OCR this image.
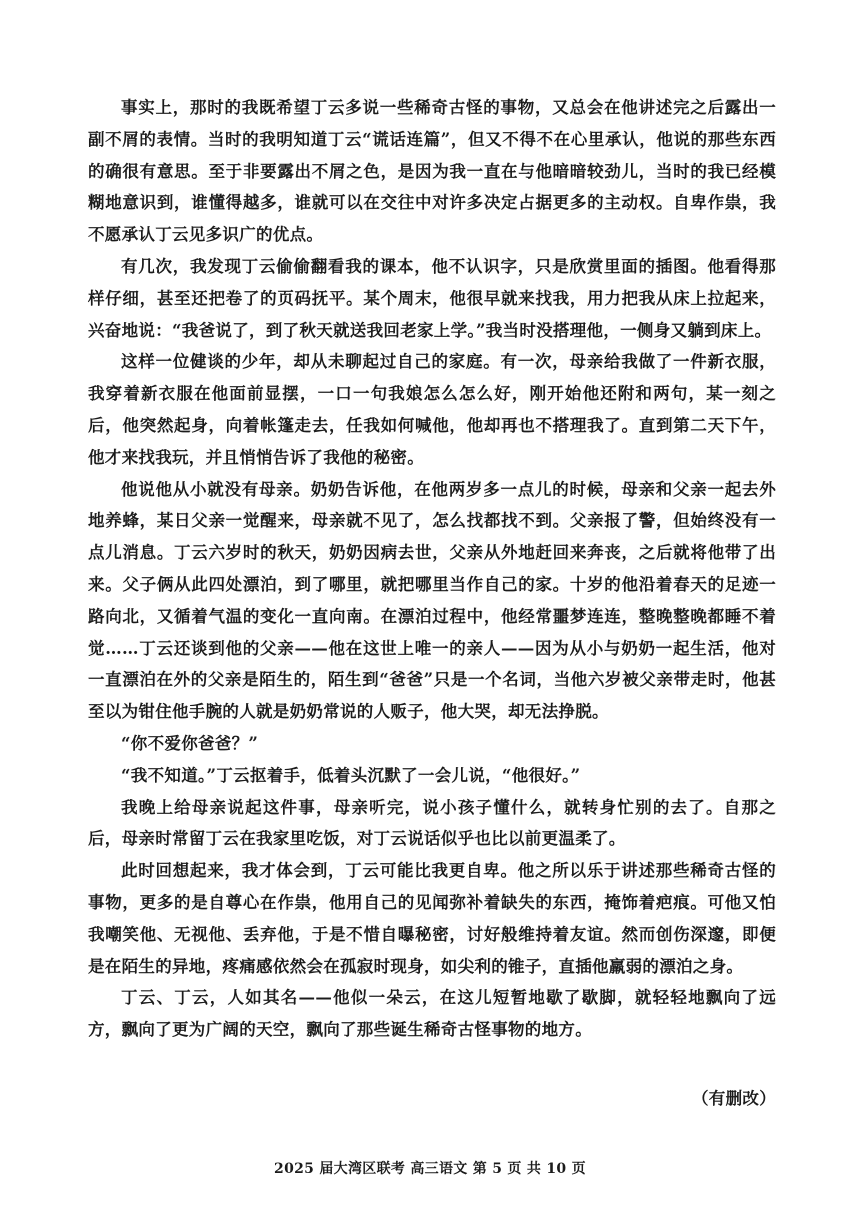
事实上，那时的我既希望丁云多说一些稀奇古怪的事物，又总会在他讲述完之后露出一副不屑的表情。当时的我明知道丁云“谎话连篇”，但又不得不在心里承认，他说的那些东西的确很有意思。至于非要露出不屑之色，是因为我一直在与他暗暗较劲儿，当时的我已经模糊地意识到，谁懂得越多，谁就可以在交往中对许多决定占据更多的主动权。自卑作祟，我不愿承认丁云见多识广的优点。

有几次，我发现丁云偷偷翻看我的课本，他不认识字，只是欣赏里面的插图。他看得那样仔细，甚至还把卷了的页码抚平。某个周末，他很早就来找我，用力把我从床上拉起来，兴奋地说：“我爸说了，到了秋天就送我回老家上学。”我当时没搭理他，一侧身又躺到床上。

这样一位健谈的少年，却从未聊起过自己的家庭。有一次，母亲给我做了一件新衣服，我穿着新衣服在他面前显摆，一口一句我娘怎么怎么好，刚开始他还附和两句，某一刻之后，他突然起身，向着帐篷走去，任我如何喊他，他却再也不搭理我了。直到第二天下午，他才来找我玩，并且悄悄告诉了我他的秘密。

他说他从小就没有母亲。奶奶告诉他，在他两岁多一点儿的时候，母亲和父亲一起去外地养蜂，某日父亲一觉醒来，母亲就不见了，怎么找都找不到。父亲报了警，但始终没有一点儿消息。丁云六岁时的秋天，奶奶因病去世，父亲从外地赶回来奔丧，之后就将他带了出来。父子俩从此四处漂泊，到了哪里，就把哪里当作自己的家。十岁的他沿着春天的足迹一路向北，又循着气温的变化一直向南。在漂泊过程中，他经常噩梦连连，整晚整晚都睡不着觉……丁云还谈到他的父亲——他在这世上唯一的亲人——因为从小与奶奶一起生活，他对一直漂泊在外的父亲是陌生的，陌生到“爸爸”只是一个名词，当他六岁被父亲带走时，他甚至以为钳住他手腕的人就是奶奶常说的人贩子，他大哭，却无法挣脱。

“你不爱你爸爸？”

“我不知道。”丁云抠着手，低着头沉默了一会儿说，“他很好。”

我晚上给母亲说起这件事，母亲听完，说小孩子懂什么，就转身忙别的去了。自那之后，母亲时常留丁云在我家里吃饭，对丁云说话似乎也比以前更温柔了。

此时回想起来，我才体会到，丁云可能比我更自卑。他之所以乐于讲述那些稀奇古怪的事物，更多的是自尊心在作祟，他用自己的见闻弥补着缺失的东西，掩饰着疤痕。可他又怕我嘲笑他、无视他、丢弃他，于是不惜自曝秘密，讨好般维持着友谊。然而创伤深邃，即便是在陌生的异地，疼痛感依然会在孤寂时现身，如尖利的锥子，直插他羸弱的漂泊之身。

丁云、丁云，人如其名——他似一朵云，在这儿短暂地歇了歇脚，就轻轻地飘向了远方，飘向了更为广阔的天空，飘向了那些诞生稀奇古怪事物的地方。

（有删改）
2025 届大湾区联考 高三语文 第 5 页 共 10 页
